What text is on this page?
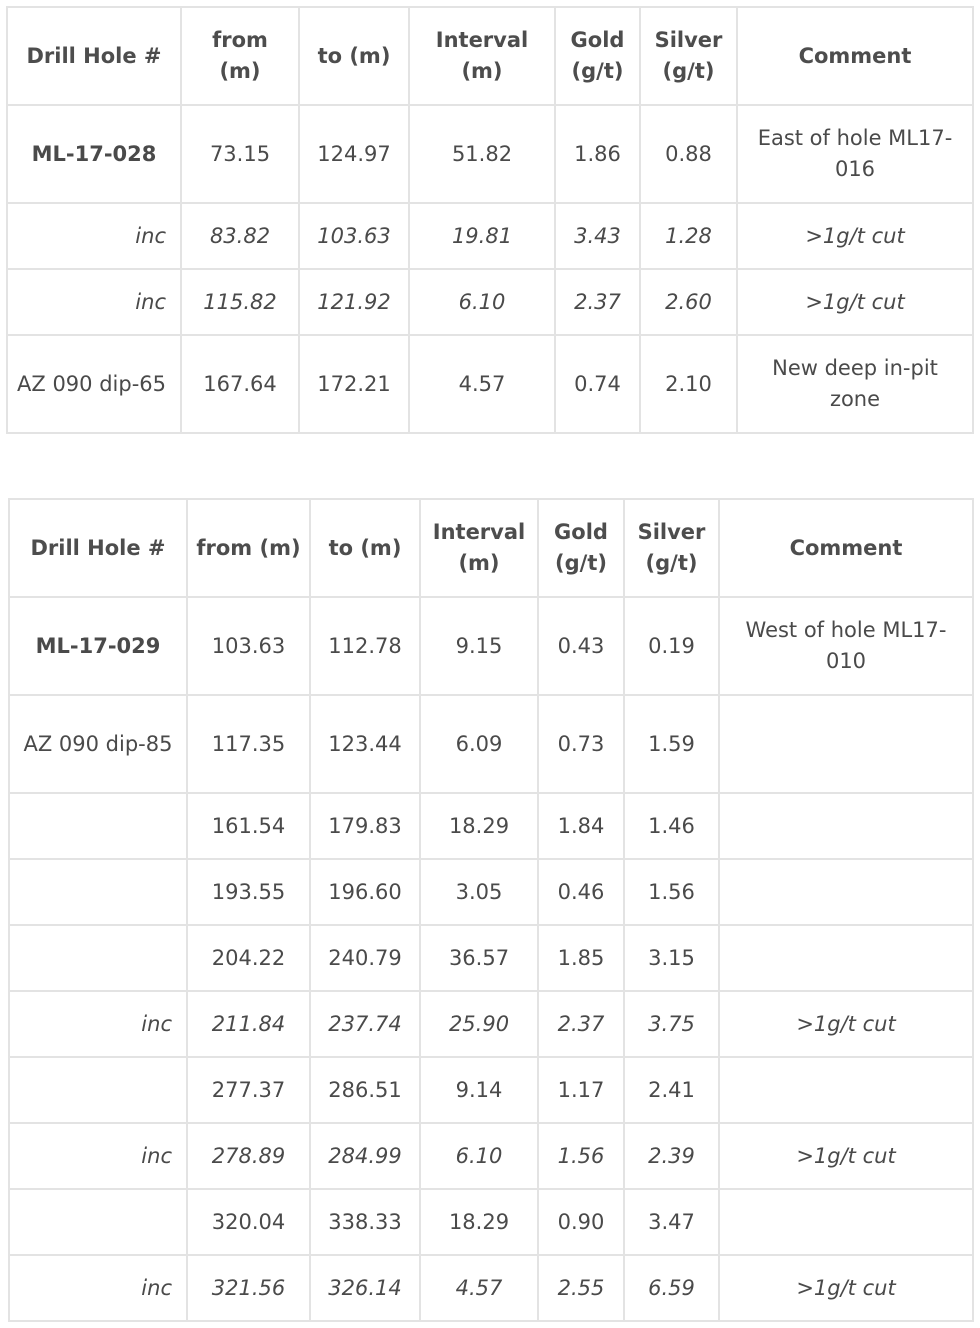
Drill Hole #	from (m)	to (m)	Interval (m)	Gold (g/t)	Silver (g/t)	Comment
ML-17-028	73.15	124.97	51.82	1.86	0.88	East of hole ML17-016
inc	83.82	103.63	19.81	3.43	1.28	>1g/t cut
inc	115.82	121.92	6.10	2.37	2.60	>1g/t cut
AZ 090 dip-65	167.64	172.21	4.57	0.74	2.10	New deep in-pit zone
Drill Hole #	from (m)	to (m)	Interval (m)	Gold (g/t)	Silver (g/t)	Comment
ML-17-029	103.63	112.78	9.15	0.43	0.19	West of hole ML17-010
AZ 090 dip-85	117.35	123.44	6.09	0.73	1.59	
	161.54	179.83	18.29	1.84	1.46	
	193.55	196.60	3.05	0.46	1.56	
	204.22	240.79	36.57	1.85	3.15	
inc	211.84	237.74	25.90	2.37	3.75	>1g/t cut
	277.37	286.51	9.14	1.17	2.41	
inc	278.89	284.99	6.10	1.56	2.39	>1g/t cut
	320.04	338.33	18.29	0.90	3.47	
inc	321.56	326.14	4.57	2.55	6.59	>1g/t cut
